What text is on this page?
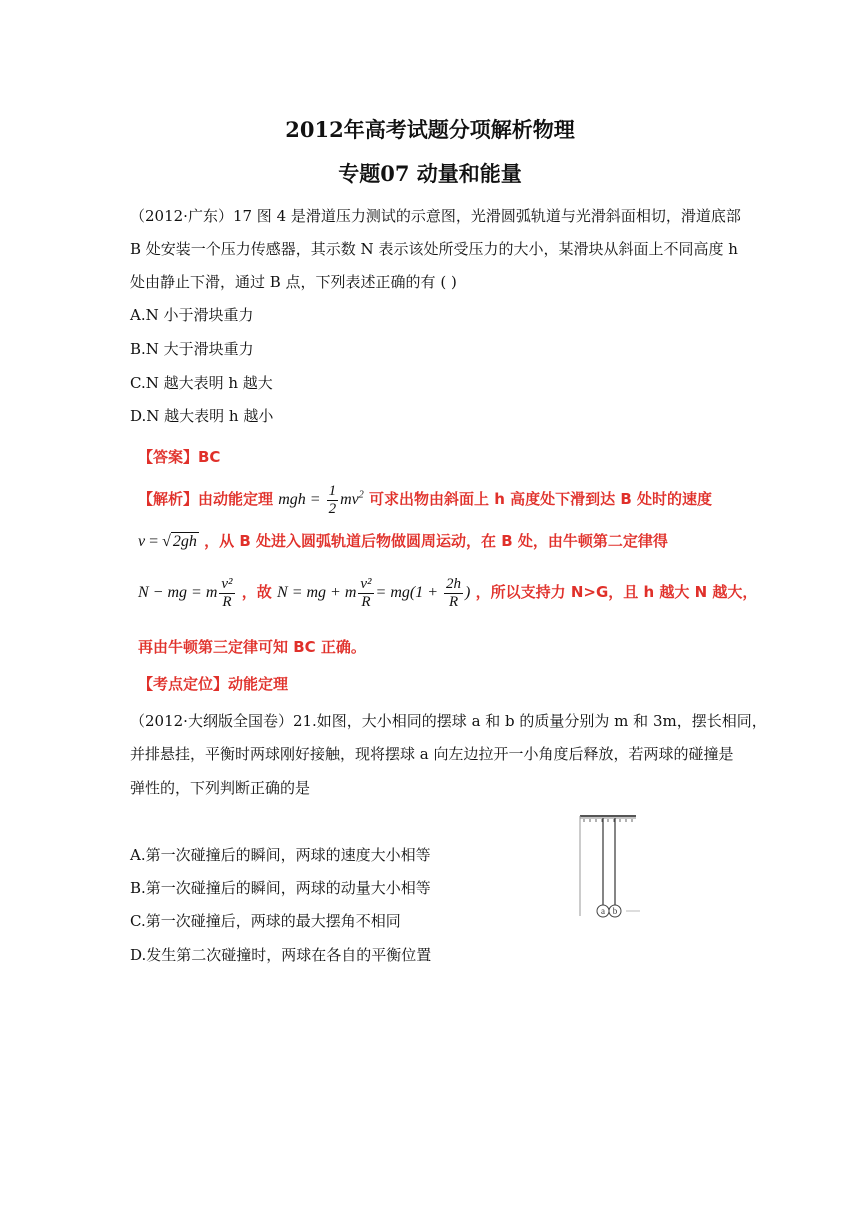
2012年高考试题分项解析物理
专题07 动量和能量
（2012·广东）17 图 4 是滑道压力测试的示意图，光滑圆弧轨道与光滑斜面相切，滑道底部
B 处安装一个压力传感器，其示数 N 表示该处所受压力的大小，某滑块从斜面上不同高度 h
处由静止下滑，通过 B 点，下列表述正确的有 ( )
A.N 小于滑块重力
B.N 大于滑块重力
C.N 越大表明 h 越大
D.N 越大表明 h 越小
【答案】BC
【解析】由动能定理 mgh = $\frac{1}{2} mv^2$ 可求出物由斜面上 h 高度处下滑到达 B 处时的速度
v = √ 2gh ，从 B 处进入圆弧轨道后物做圆周运动，在 B 处，由牛顿第二定律得
N − mg = m $\frac{\text{v²}}{R}$ ，故 N = mg + m $\frac{\text{v²}}{R} = mg(1 + \frac{2h}{R}$ ) ，所以支持力 N>G，且 h 越大 N 越大，
再由牛顿第三定律可知 BC 正确。
【考点定位】动能定理
（2012·大纲版全国卷）21.如图，大小相同的摆球 a 和 b 的质量分别为 m 和 3m，摆长相同，
并排悬挂，平衡时两球刚好接触，现将摆球 a 向左边拉开一小角度后释放，若两球的碰撞是
弹性的，下列判断正确的是
A.第一次碰撞后的瞬间，两球的速度大小相等
B.第一次碰撞后的瞬间，两球的动量大小相等
C.第一次碰撞后，两球的最大摆角不相同
D.发生第二次碰撞时，两球在各自的平衡位置
a b
